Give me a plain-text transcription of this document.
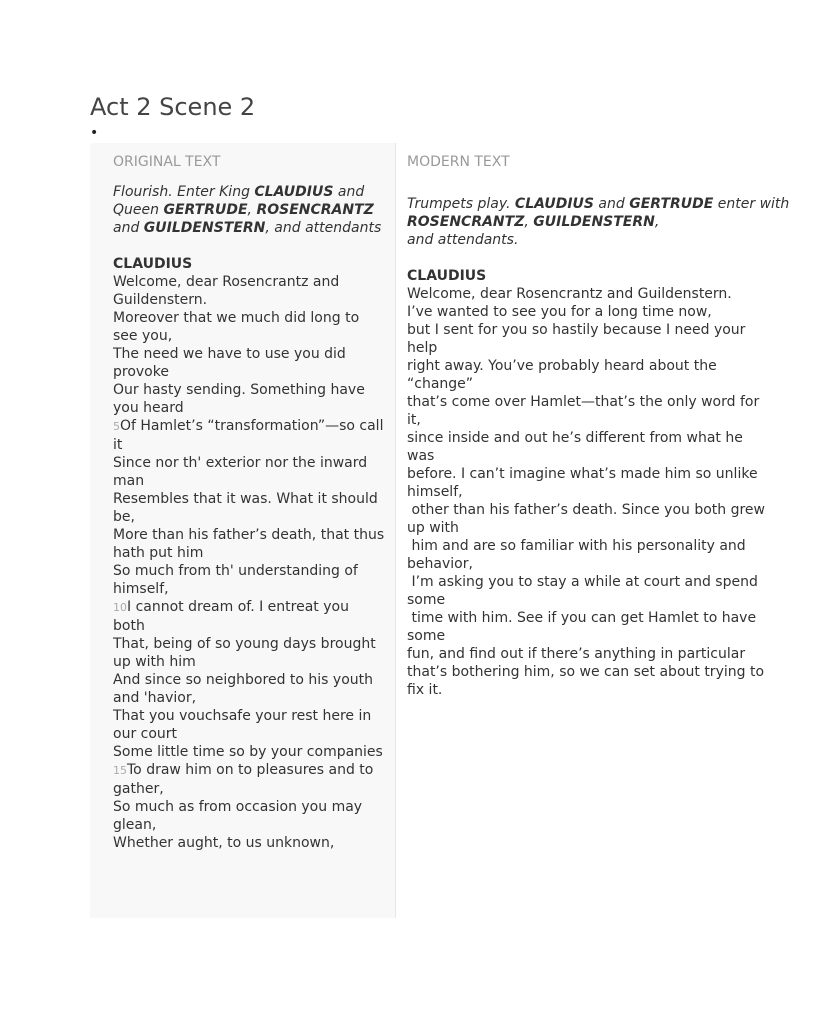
Act 2 Scene 2
•
ORIGINAL TEXT

Flourish. Enter King CLAUDIUS and Queen GERTRUDE, ROSENCRANTZ and GUILDENSTERN, and attendants

CLAUDIUS

Welcome, dear Rosencrantz and Guildenstern.

Moreover that we much did long to see you,

The need we have to use you did provoke

Our hasty sending. Something have you heard

5Of Hamlet’s “transformation”—so call it

Since nor th' exterior nor the inward man

Resembles that it was. What it should be,

More than his father’s death, that thus hath put him

So much from th' understanding of himself,

10I cannot dream of. I entreat you both

That, being of so young days brought up with him

And since so neighbored to his youth and 'havior,

That you vouchsafe your rest here in our court

Some little time so by your companies

15To draw him on to pleasures and to gather,

So much as from occasion you may glean,

Whether aught, to us unknown,

MODERN TEXT

Trumpets play. CLAUDIUS and GERTRUDE enter with
ROSENCRANTZ, GUILDENSTERN,
and attendants.

CLAUDIUS

Welcome, dear Rosencrantz and Guildenstern.

I’ve wanted to see you for a long time now,

but I sent for you so hastily because I need your

help

right away. You’ve probably heard about the

“change”

that’s come over Hamlet—that’s the only word for

it,

since inside and out he’s different from what he

was

before. I can’t imagine what’s made him so unlike

himself,

other than his father’s death. Since you both grew

up with

him and are so familiar with his personality and

behavior,

I’m asking you to stay a while at court and spend

some

time with him. See if you can get Hamlet to have

some

fun, and find out if there’s anything in particular

that’s bothering him, so we can set about trying to

fix it.
